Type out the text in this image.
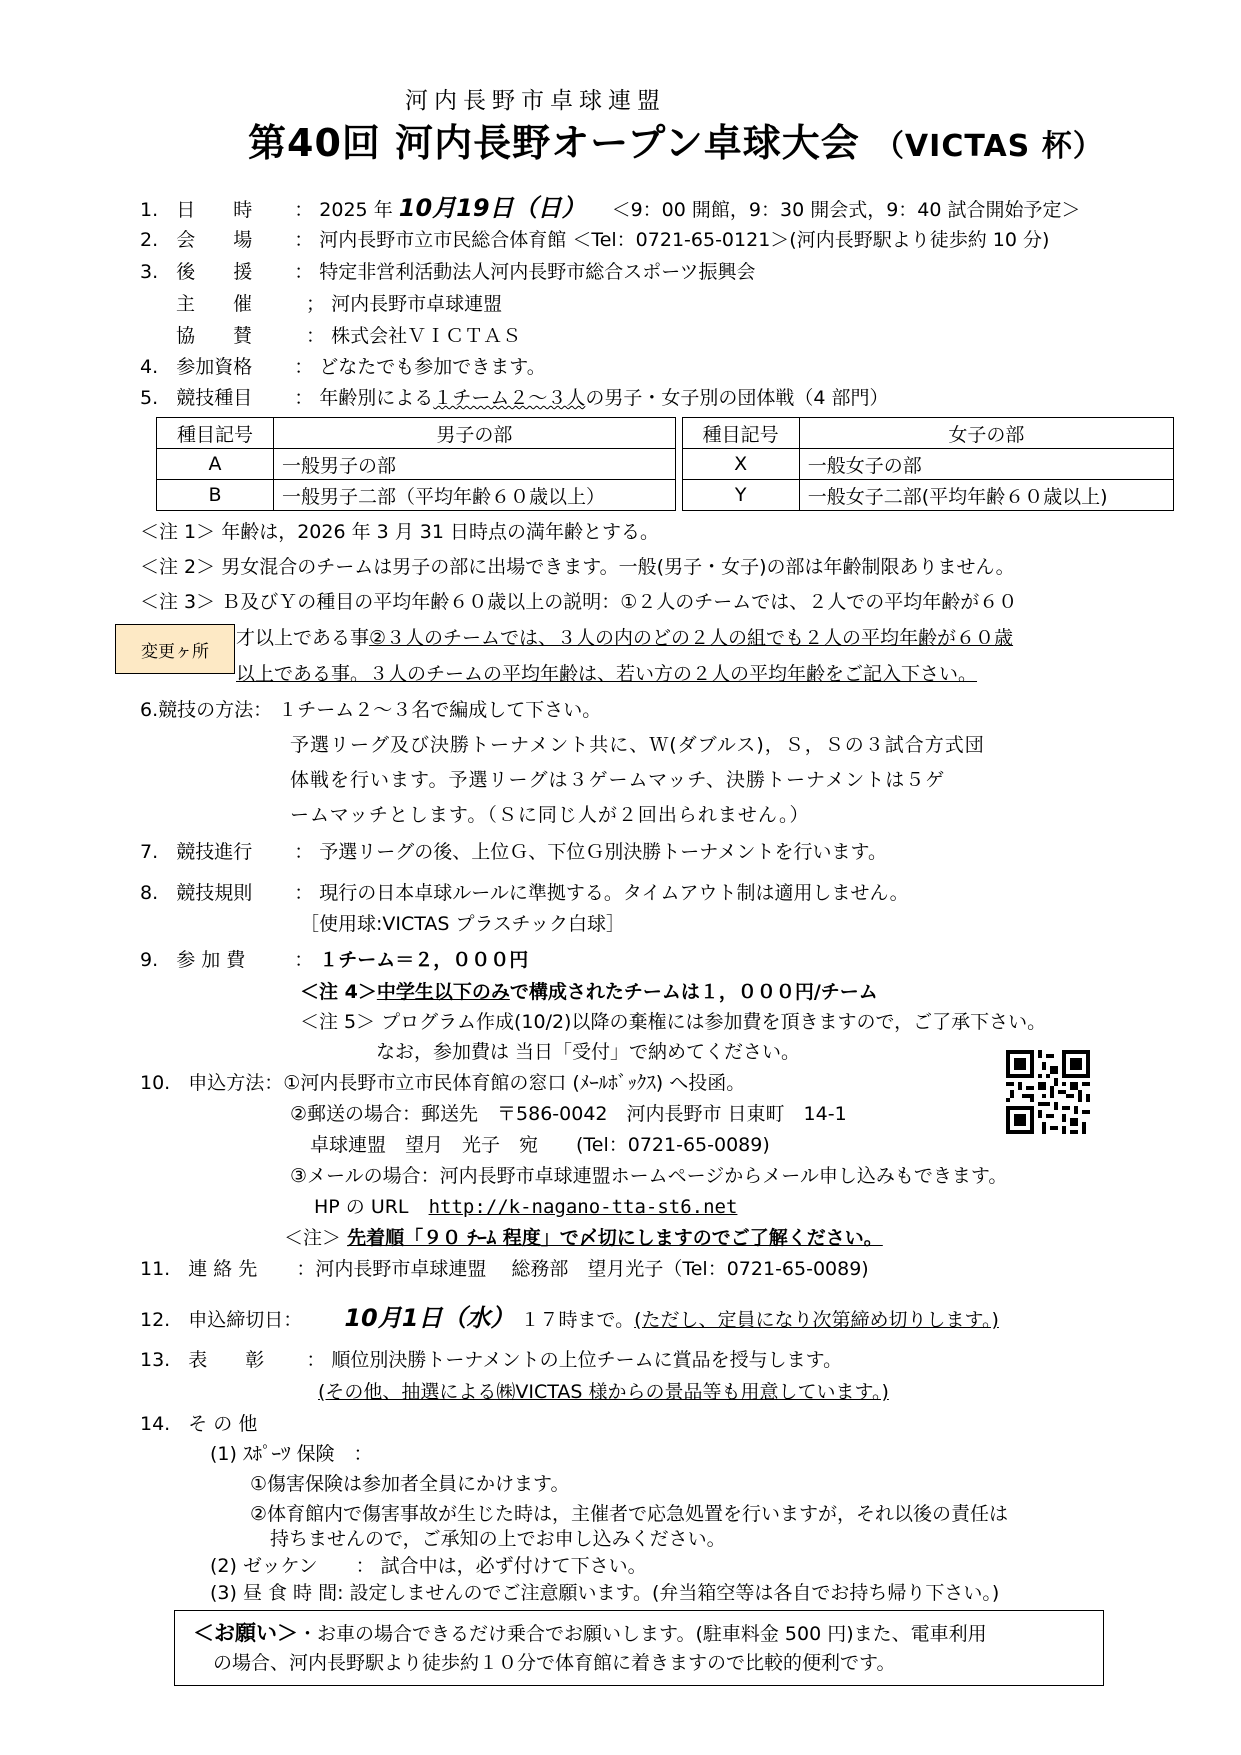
河内長野市卓球連盟
第40回 河内長野オープン卓球大会 （VICTAS 杯）
1. 日　　時 ： 2025 年 10月19日（日） ＜9：00 開館，9：30 開会式，9：40 試合開始予定＞
2. 会　　場 ： 河内長野市立市民総合体育館 ＜Tel：0721-65-0121＞(河内長野駅より徒歩約 10 分)
3. 後　　援 ： 特定非営利活動法人河内長野市総合スポーツ振興会
主　　催	； 河内長野市卓球連盟
協　　賛	： 株式会社ＶＩＣＴＡＳ
4. 参加資格 ： どなたでも参加できます。
5. 競技種目 ： 年齢別による１チーム２～３人の男子・女子別の団体戦（4 部門）
種目記号	男子の部		種目記号	女子の部
A	一般男子の部		X	一般女子の部
B	一般男子二部（平均年齢６０歳以上）		Y	一般女子二部(平均年齢６０歳以上)
＜注 1＞ 年齢は，2026 年 3 月 31 日時点の満年齢とする。
＜注 2＞ 男女混合のチームは男子の部に出場できます。一般(男子・女子)の部は年齢制限ありません。
＜注 3＞ Ｂ及びＹの種目の平均年齢６０歳以上の説明：①２人のチームでは、２人での平均年齢が６０
才以上である事②３人のチームでは、３人の内のどの２人の組でも２人の平均年齢が６０歳
以上である事。３人のチームの平均年齢は、若い方の２人の平均年齢をご記入下さい。
変更ヶ所
6.競技の方法： １チーム２～３名で編成して下さい。
予選リーグ及び決勝トーナメント共に、Ｗ(ダブルス)，Ｓ，Ｓの３試合方式団
体戦を行います。予選リーグは３ゲームマッチ、決勝トーナメントは５ゲ
ームマッチとします。（Ｓに同じ人が２回出られません。）
7. 競技進行 ： 予選リーグの後、上位Ｇ、下位Ｇ別決勝トーナメントを行います。
8. 競技規則 ： 現行の日本卓球ルールに準拠する。タイムアウト制は適用しません。
［使用球:VICTAS プラスチック白球］
9. 参 加 費	： １チーム＝２，０００円
＜注 4＞中学生以下のみで構成されたチームは１，０００円/チーム
＜注 5＞ プログラム作成(10/2)以降の棄権には参加費を頂きますので，ご了承下さい。
なお，参加費は 当日「受付」で納めてください。
10. 申込方法：①河内長野市立市民体育館の窓口 (ﾒｰﾙﾎﾞｯｸｽ) へ投函。
②郵送の場合：郵送先　〒586-0042　河内長野市 日東町　14-1
卓球連盟　望月　光子　宛　　(Tel：0721-65-0089)
③メールの場合：河内長野市卓球連盟ホームページからメール申し込みもできます。
HP の URL http://k-nagano-tta-st6.net
＜注＞ 先着順「９０ ﾁｰﾑ 程度」で〆切にしますのでご了解ください。
11. 連 絡 先 ：河内長野市卓球連盟　 総務部　望月光子（Tel：0721-65-0089)
12. 申込締切日： 10月1日（水） １７時まで。(ただし、定員になり次第締め切りします。)
13. 表　　彰 ： 順位別決勝トーナメントの上位チームに賞品を授与します。
(その他、抽選による㈱VICTAS 様からの景品等も用意しています。)
14. そ の 他
(1) ｽﾎﾟｰﾂ 保険　：
①傷害保険は参加者全員にかけます。
②体育館内で傷害事故が生じた時は，主催者で応急処置を行いますが，それ以後の責任は
持ちませんので，ご承知の上でお申し込みください。
(2) ゼッケン　　： 試合中は，必ず付けて下さい。
(3) 昼 食 時 間: 設定しませんのでご注意願います。(弁当箱空等は各自でお持ち帰り下さい。)
＜お願い＞・お車の場合できるだけ乗合でお願いします。(駐車料金 500 円)また、電車利用
の場合、河内長野駅より徒歩約１０分で体育館に着きますので比較的便利です。
